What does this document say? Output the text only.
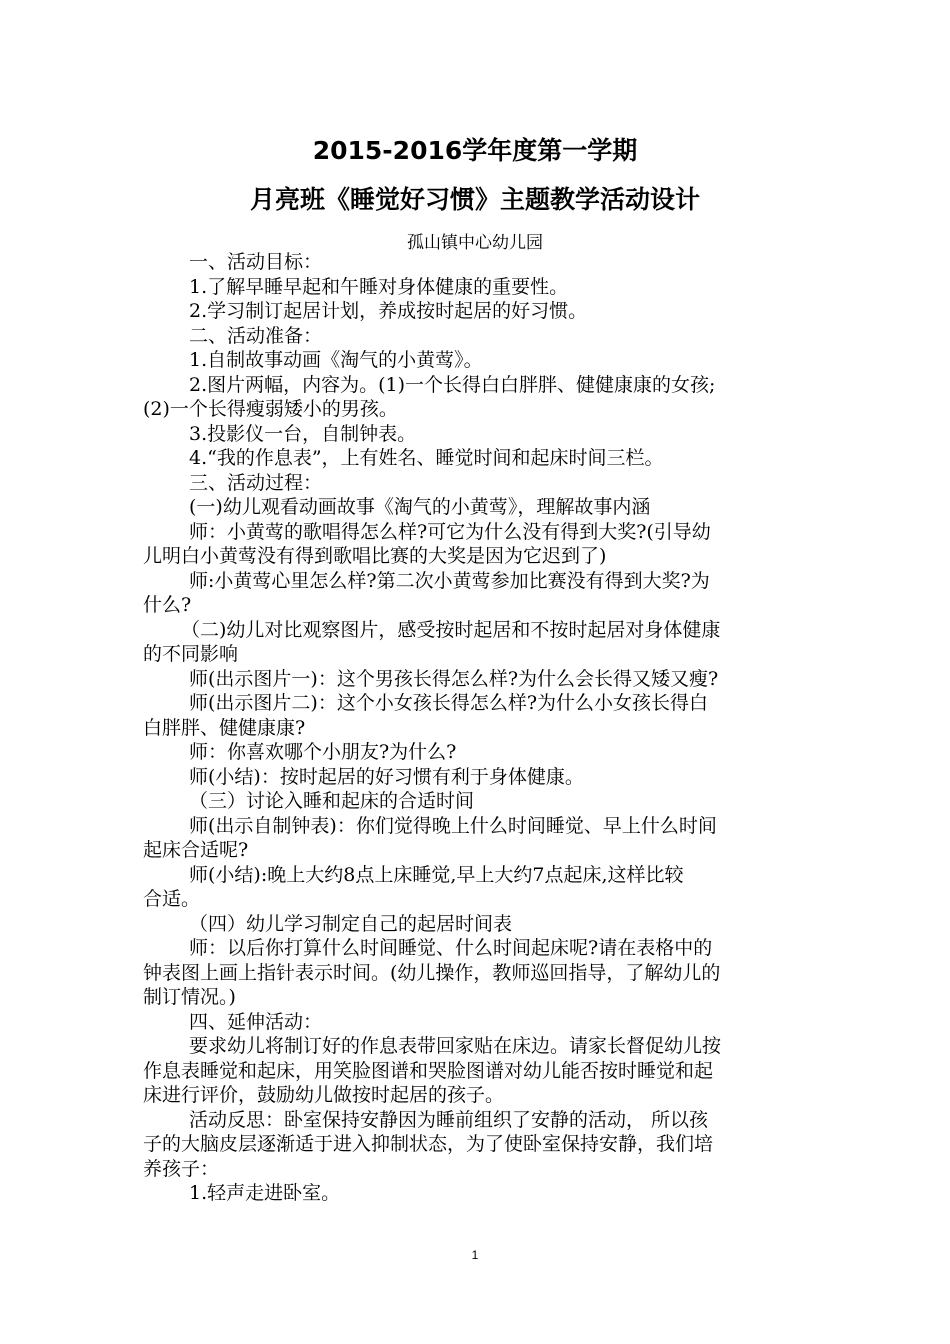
2015-2016学年度第一学期
月亮班《睡觉好习惯》主题教学活动设计
孤山镇中心幼儿园

一、活动目标：

1.了解早睡早起和午睡对身体健康的重要性。

2.学习制订起居计划，养成按时起居的好习惯。

二、活动准备：

1.自制故事动画《淘气的小黄莺》。

2.图片两幅，内容为。(1)一个长得白白胖胖、健健康康的女孩;

(2)一个长得瘦弱矮小的男孩。

3.投影仪一台，自制钟表。

4.“我的作息表”，上有姓名、睡觉时间和起床时间三栏。

三、活动过程：

(一)幼儿观看动画故事《淘气的小黄莺》，理解故事内涵

师：小黄莺的歌唱得怎么样?可它为什么没有得到大奖?(引导幼

儿明白小黄莺没有得到歌唱比赛的大奖是因为它迟到了)

师:小黄莺心里怎么样?第二次小黄莺参加比赛没有得到大奖?为

什么?

（二)幼儿对比观察图片，感受按时起居和不按时起居对身体健康

的不同影响

师(出示图片一)：这个男孩长得怎么样?为什么会长得又矮又瘦?

师(出示图片二)：这个小女孩长得怎么样?为什么小女孩长得白

白胖胖、健健康康?

师：你喜欢哪个小朋友?为什么?

师(小结)：按时起居的好习惯有利于身体健康。

（三）讨论入睡和起床的合适时间

师(出示自制钟表)：你们觉得晚上什么时间睡觉、早上什么时间

起床合适呢?

师(小结):晚上大约8点上床睡觉,早上大约7点起床,这样比较

合适。

（四）幼儿学习制定自己的起居时间表

师：以后你打算什么时间睡觉、什么时间起床呢?请在表格中的

钟表图上画上指针表示时间。(幼儿操作，教师巡回指导，了解幼儿的

制订情况。)

四、延伸活动：

要求幼儿将制订好的作息表带回家贴在床边。请家长督促幼儿按

作息表睡觉和起床，用笑脸图谱和哭脸图谱对幼儿能否按时睡觉和起

床进行评价，鼓励幼儿做按时起居的孩子。

活动反思：卧室保持安静因为睡前组织了安静的活动， 所以孩

子的大脑皮层逐渐适于进入抑制状态，为了使卧室保持安静，我们培

养孩子：

1.轻声走进卧室。

1
